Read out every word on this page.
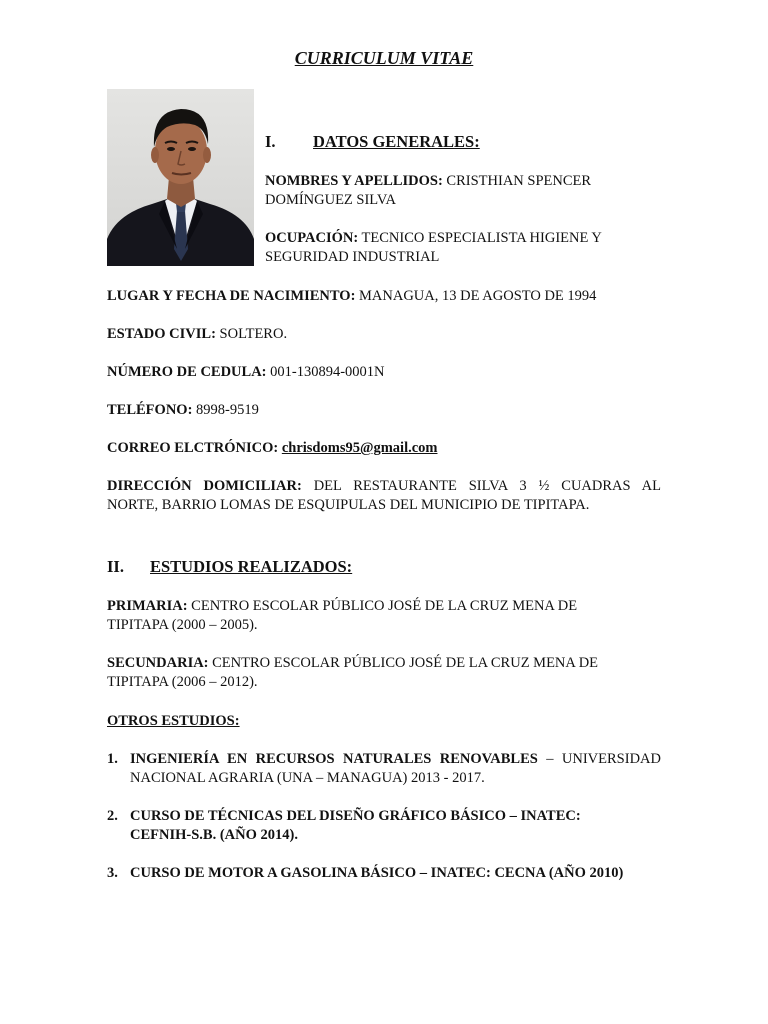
CURRICULUM VITAE
I. DATOS GENERALES:
NOMBRES Y APELLIDOS: CRISTHIAN SPENCER
DOMÍNGUEZ SILVA
OCUPACIÓN: TECNICO ESPECIALISTA HIGIENE Y
SEGURIDAD INDUSTRIAL
LUGAR Y FECHA DE NACIMIENTO: MANAGUA, 13 DE AGOSTO DE 1994
ESTADO CIVIL: SOLTERO.
NÚMERO DE CEDULA: 001-130894-0001N
TELÉFONO: 8998-9519
CORREO ELCTRÓNICO: chrisdoms95@gmail.com
DIRECCIÓN DOMICILIAR: DEL RESTAURANTE SILVA 3 ½ CUADRAS AL
NORTE, BARRIO LOMAS DE ESQUIPULAS DEL MUNICIPIO DE TIPITAPA.
II. ESTUDIOS REALIZADOS:
PRIMARIA: CENTRO ESCOLAR PÚBLICO JOSÉ DE LA CRUZ MENA DE
TIPITAPA (2000 – 2005).
SECUNDARIA: CENTRO ESCOLAR PÚBLICO JOSÉ DE LA CRUZ MENA DE
TIPITAPA (2006 – 2012).
OTROS ESTUDIOS:
1. INGENIERÍA EN RECURSOS NATURALES RENOVABLES – UNIVERSIDAD
NACIONAL AGRARIA (UNA – MANAGUA) 2013 - 2017.
2. CURSO DE TÉCNICAS DEL DISEÑO GRÁFICO BÁSICO – INATEC:
CEFNIH-S.B. (AÑO 2014).
3. CURSO DE MOTOR A GASOLINA BÁSICO – INATEC: CECNA (AÑO 2010)
